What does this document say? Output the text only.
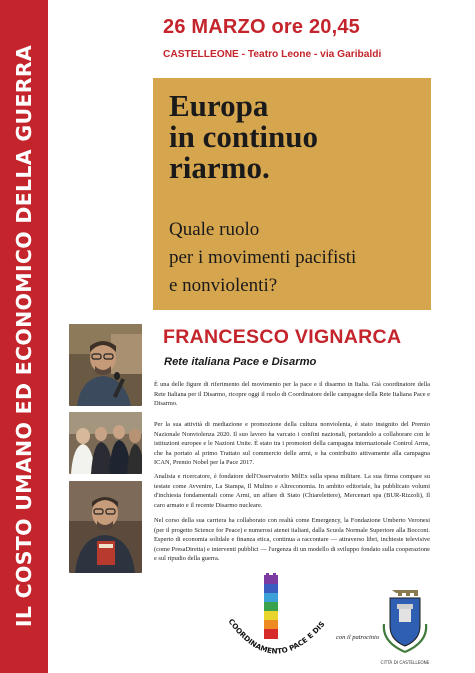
IL COSTO UMANO ED ECONOMICO DELLA GUERRA
26 MARZO ore 20,45
CASTELLEONE - Teatro Leone - via Garibaldi
Europa
in continuo
riarmo.
Quale ruolo
per i movimenti pacifisti
e nonviolenti?
FRANCESCO VIGNARCA
Rete italiana Pace e Disarmo

È una delle figure di riferimento del movimento per la pace e il disarmo in Italia. Già coordinatore della Rete Italiana per il Disarmo, ricopre oggi il ruolo di Coordinatore delle campagne della Rete Italiana Pace e Disarmo.

Per la sua attività di mediazione e promozione della cultura nonviolenta, è stato insignito del Premio Nazionale Nonviolenza 2020. Il suo lavoro ha varcato i confini nazionali, portandolo a collaborare con le istituzioni europee e le Nazioni Unite. È stato tra i promotori della campagna internazionale Control Arms, che ha portato al primo Trattato sul commercio delle armi, e ha contribuito attivamente alla campagna ICAN, Premio Nobel per la Pace 2017.

Analista e ricercatore, è fondatore dell'Osservatorio MilEx sulla spesa militare. La sua firma compare su testate come Avvenire, La Stampa, Il Mulino e Altreconomia. In ambito editoriale, ha pubblicato volumi d'inchiesta fondamentali come Armi, un affare di Stato (Chiarelettere), Mercenari spa (BUR-Rizzoli), Il caro armato e il recente Disarmo nucleare.

Nel corso della sua carriera ha collaborato con realtà come Emergency, la Fondazione Umberto Veronesi (per il progetto Science for Peace) e numerosi atenei italiani, dalla Scuola Normale Superiore alla Bocconi. Esperto di economia solidale e finanza etica, continua a raccontare — attraverso libri, inchieste televisive (come PresaDiretta) e interventi pubblici — l'urgenza di un modello di sviluppo fondato sulla cooperazione e sul ripudio della guerra.

COORDINAMENTO PACE E DIS
con il patrocinio
CITTÀ DI CASTELLEONE
